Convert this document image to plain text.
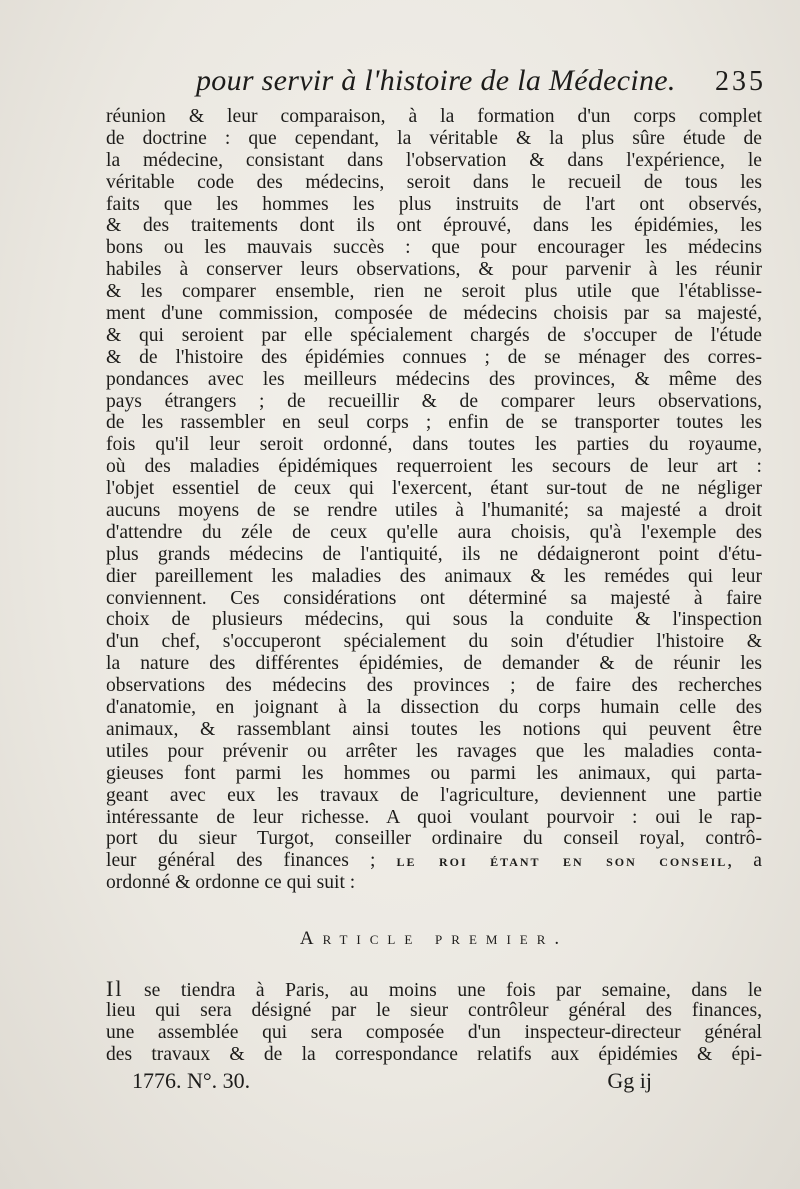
pour servir à l'histoire de la Médecine. 235
réunion & leur comparaison, à la formation d'un corps complet
de doctrine : que cependant, la véritable & la plus sûre étude de
la médecine, consistant dans l'observation & dans l'expérience, le
véritable code des médecins, seroit dans le recueil de tous les
faits que les hommes les plus instruits de l'art ont observés,
& des traitements dont ils ont éprouvé, dans les épidémies, les
bons ou les mauvais succès : que pour encourager les médecins
habiles à conserver leurs observations, & pour parvenir à les réunir
& les comparer ensemble, rien ne seroit plus utile que l'établisse-
ment d'une commission, composée de médecins choisis par sa majesté,
& qui seroient par elle spécialement chargés de s'occuper de l'étude
& de l'histoire des épidémies connues ; de se ménager des corres-
pondances avec les meilleurs médecins des provinces, & même des
pays étrangers ; de recueillir & de comparer leurs observations,
de les rassembler en seul corps ; enfin de se transporter toutes les
fois qu'il leur seroit ordonné, dans toutes les parties du royaume,
où des maladies épidémiques requerroient les secours de leur art :
l'objet essentiel de ceux qui l'exercent, étant sur-tout de ne négliger
aucuns moyens de se rendre utiles à l'humanité; sa majesté a droit
d'attendre du zéle de ceux qu'elle aura choisis, qu'à l'exemple des
plus grands médecins de l'antiquité, ils ne dédaigneront point d'étu-
dier pareillement les maladies des animaux & les remédes qui leur
conviennent. Ces considérations ont déterminé sa majesté à faire
choix de plusieurs médecins, qui sous la conduite & l'inspection
d'un chef, s'occuperont spécialement du soin d'étudier l'histoire &
la nature des différentes épidémies, de demander & de réunir les
observations des médecins des provinces ; de faire des recherches
d'anatomie, en joignant à la dissection du corps humain celle des
animaux, & rassemblant ainsi toutes les notions qui peuvent être
utiles pour prévenir ou arrêter les ravages que les maladies conta-
gieuses font parmi les hommes ou parmi les animaux, qui parta-
geant avec eux les travaux de l'agriculture, deviennent une partie
intéressante de leur richesse. A quoi voulant pourvoir : oui le rap-
port du sieur Turgot, conseiller ordinaire du conseil royal, contrô-
leur général des finances ; le roi étant en son conseil, a
ordonné & ordonne ce qui suit :
Article premier.
Il se tiendra à Paris, au moins une fois par semaine, dans le
lieu qui sera désigné par le sieur contrôleur général des finances,
une assemblée qui sera composée d'un inspecteur-directeur général
des travaux & de la correspondance relatifs aux épidémies & épi-
1776. N°. 30.	Gg ij
